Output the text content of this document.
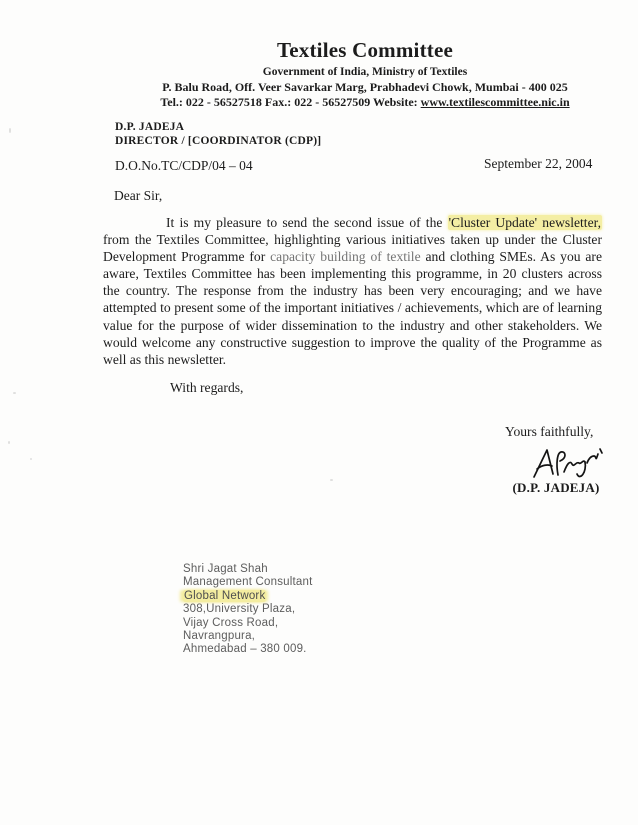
Textiles Committee
Government of India, Ministry of Textiles
P. Balu Road, Off. Veer Savarkar Marg, Prabhadevi Chowk, Mumbai - 400 025
Tel.: 022 - 56527518 Fax.: 022 - 56527509 Website: www.textilescommittee.nic.in
D.P. JADEJA
DIRECTOR / [COORDINATOR (CDP)]
D.O.No.TC/CDP/04 – 04	September 22, 2004
Dear Sir,
It is my pleasure to send the second issue of the 'Cluster Update' newsletter, from the Textiles Committee, highlighting various initiatives taken up under the Cluster Development Programme for capacity building of textile and clothing SMEs. As you are aware, Textiles Committee has been implementing this programme, in 20 clusters across the country. The response from the industry has been very encouraging; and we have attempted to present some of the important initiatives / achievements, which are of learning value for the purpose of wider dissemination to the industry and other stakeholders. We would welcome any constructive suggestion to improve the quality of the Programme as well as this newsletter.
With regards,
Yours faithfully,
(D.P. JADEJA)
Shri Jagat Shah
Management Consultant
Global Network
308,University Plaza,
Vijay Cross Road,
Navrangpura,
Ahmedabad – 380 009.
